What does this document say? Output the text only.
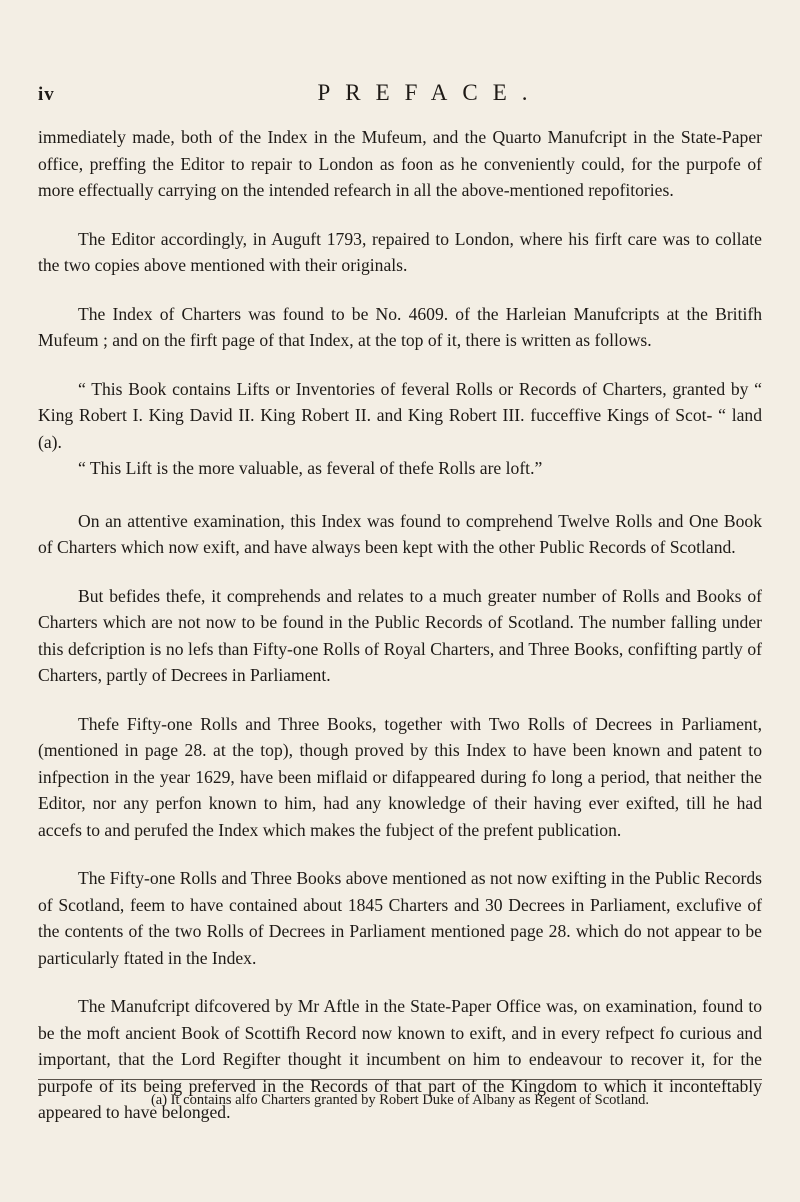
iv	PREFACE.

immediately made, both of the Index in the Mufeum, and the Quarto Manufcript in the State-Paper office, preffing the Editor to repair to London as foon as he conveniently could, for the purpofe of more effectually carrying on the intended refearch in all the above-mentioned repofitories.

The Editor accordingly, in Auguft 1793, repaired to London, where his firft care was to collate the two copies above mentioned with their originals.

The Index of Charters was found to be No. 4609. of the Harleian Manufcripts at the Britifh Mufeum ; and on the firft page of that Index, at the top of it, there is written as follows.

“ This Book contains Lifts or Inventories of feveral Rolls or Records of Charters, granted by “ King Robert I. King David II. King Robert II. and King Robert III. fucceffive Kings of Scot- “ land (a).

“ This Lift is the more valuable, as feveral of thefe Rolls are loft.”

On an attentive examination, this Index was found to comprehend Twelve Rolls and One Book of Charters which now exift, and have always been kept with the other Public Records of Scotland.

But befides thefe, it comprehends and relates to a much greater number of Rolls and Books of Charters which are not now to be found in the Public Records of Scotland. The number falling under this defcription is no lefs than Fifty-one Rolls of Royal Charters, and Three Books, confifting partly of Charters, partly of Decrees in Parliament.

Thefe Fifty-one Rolls and Three Books, together with Two Rolls of Decrees in Parliament, (mentioned in page 28. at the top), though proved by this Index to have been known and patent to infpection in the year 1629, have been miflaid or difappeared during fo long a period, that neither the Editor, nor any perfon known to him, had any knowledge of their having ever exifted, till he had accefs to and perufed the Index which makes the fubject of the prefent publication.

The Fifty-one Rolls and Three Books above mentioned as not now exifting in the Public Records of Scotland, feem to have contained about 1845 Charters and 30 Decrees in Parliament, exclufive of the contents of the two Rolls of Decrees in Parliament mentioned page 28. which do not appear to be particularly ftated in the Index.

The Manufcript difcovered by Mr Aftle in the State-Paper Office was, on examination, found to be the moft ancient Book of Scottifh Record now known to exift, and in every refpect fo curious and important, that the Lord Regifter thought it incumbent on him to endeavour to recover it, for the purpofe of its being preferved in the Records of that part of the Kingdom to which it inconteftably appeared to have belonged.

(a) It contains alfo Charters granted by Robert Duke of Albany as Regent of Scotland.
